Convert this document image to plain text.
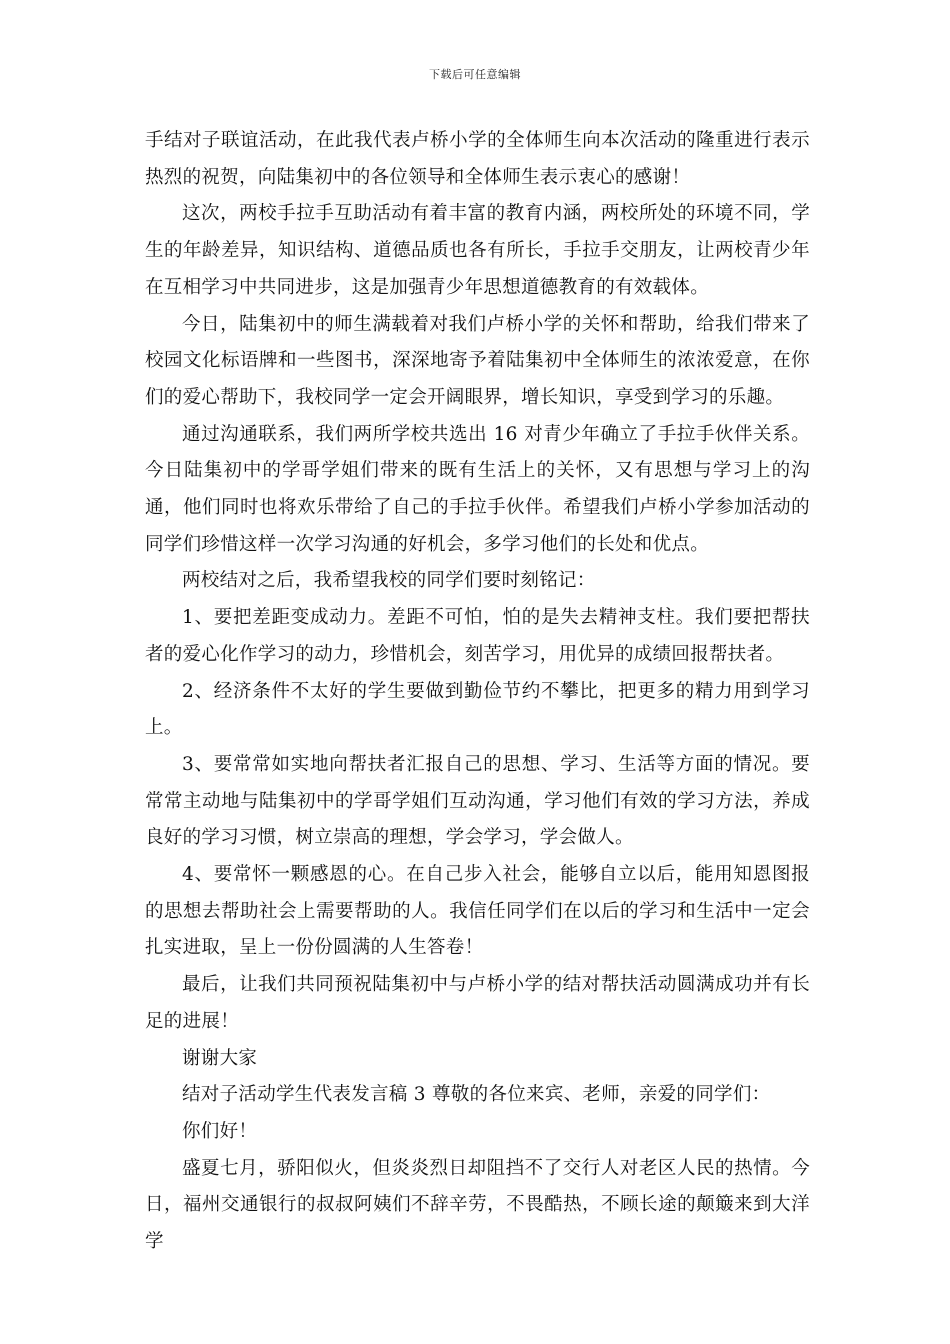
下载后可任意编辑

手结对子联谊活动，在此我代表卢桥小学的全体师生向本次活动的隆重进行表示热烈的祝贺，向陆集初中的各位领导和全体师生表示衷心的感谢！

这次，两校手拉手互助活动有着丰富的教育内涵，两校所处的环境不同，学生的年龄差异，知识结构、道德品质也各有所长，手拉手交朋友，让两校青少年在互相学习中共同进步，这是加强青少年思想道德教育的有效载体。

今日，陆集初中的师生满载着对我们卢桥小学的关怀和帮助，给我们带来了校园文化标语牌和一些图书，深深地寄予着陆集初中全体师生的浓浓爱意，在你们的爱心帮助下，我校同学一定会开阔眼界，增长知识，享受到学习的乐趣。

通过沟通联系，我们两所学校共选出 16 对青少年确立了手拉手伙伴关系。今日陆集初中的学哥学姐们带来的既有生活上的关怀，又有思想与学习上的沟通，他们同时也将欢乐带给了自己的手拉手伙伴。希望我们卢桥小学参加活动的同学们珍惜这样一次学习沟通的好机会，多学习他们的长处和优点。

两校结对之后，我希望我校的同学们要时刻铭记：

1、要把差距变成动力。差距不可怕，怕的是失去精神支柱。我们要把帮扶者的爱心化作学习的动力，珍惜机会，刻苦学习，用优异的成绩回报帮扶者。

2、经济条件不太好的学生要做到勤俭节约不攀比，把更多的精力用到学习上。

3、要常常如实地向帮扶者汇报自己的思想、学习、生活等方面的情况。要常常主动地与陆集初中的学哥学姐们互动沟通，学习他们有效的学习方法，养成良好的学习习惯，树立崇高的理想，学会学习，学会做人。

4、要常怀一颗感恩的心。在自己步入社会，能够自立以后，能用知恩图报的思想去帮助社会上需要帮助的人。我信任同学们在以后的学习和生活中一定会扎实进取，呈上一份份圆满的人生答卷！

最后，让我们共同预祝陆集初中与卢桥小学的结对帮扶活动圆满成功并有长足的进展！

谢谢大家

结对子活动学生代表发言稿 3 尊敬的各位来宾、老师，亲爱的同学们：

你们好！

盛夏七月，骄阳似火，但炎炎烈日却阻挡不了交行人对老区人民的热情。今日，福州交通银行的叔叔阿姨们不辞辛劳，不畏酷热，不顾长途的颠簸来到大洋学
